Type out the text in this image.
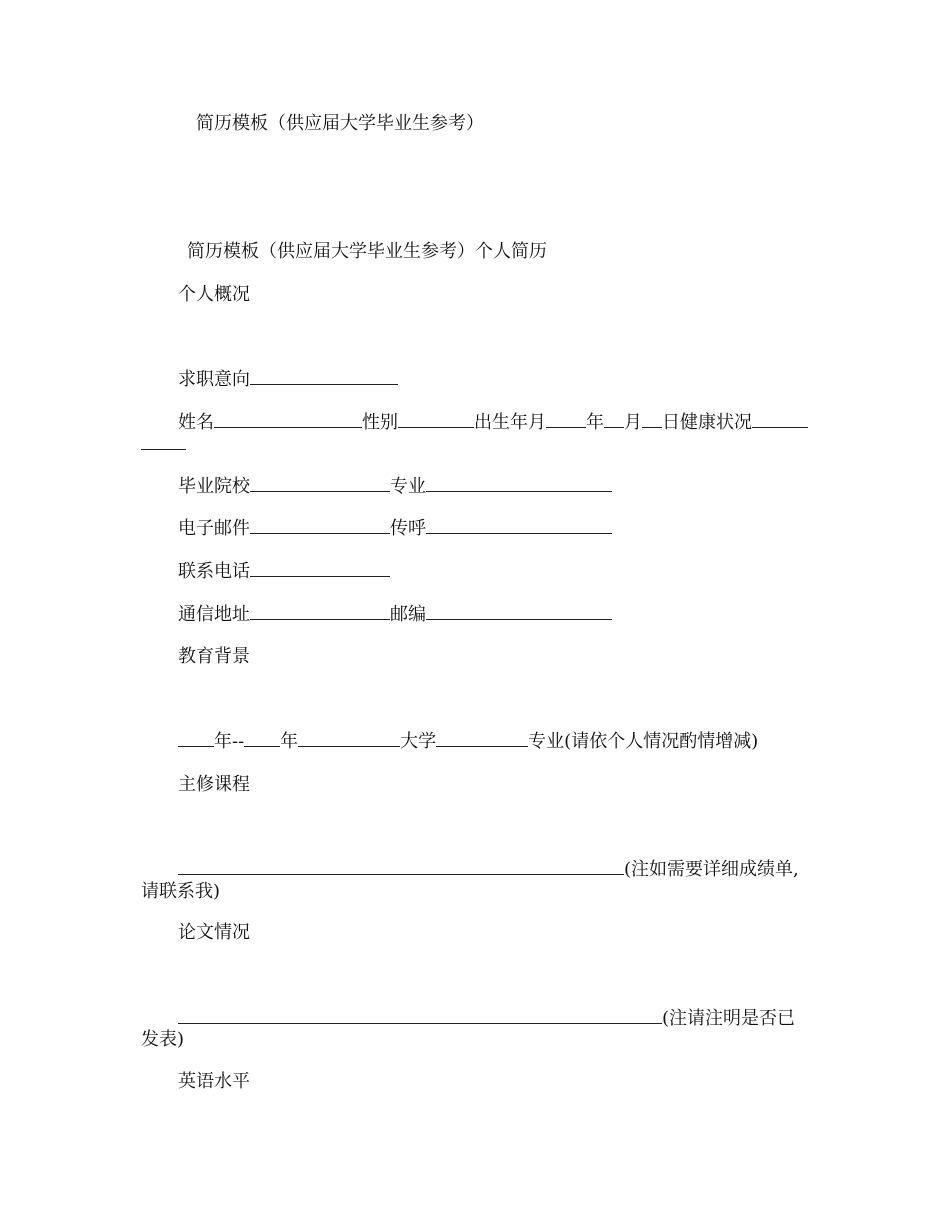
简历模板（供应届大学毕业生参考）
简历模板（供应届大学毕业生参考）个人简历
个人概况
求职意向
姓名	性别	出生年月 年 月 日健康状况
毕业院校	专业
电子邮件	传呼
联系电话
通信地址	邮编
教育背景
年-- 年	大学	专业(请依个人情况酌情增减)
主修课程
(注如需要详细成绩单,
请联系我)
论文情况
(注请注明是否已
发表)
英语水平
